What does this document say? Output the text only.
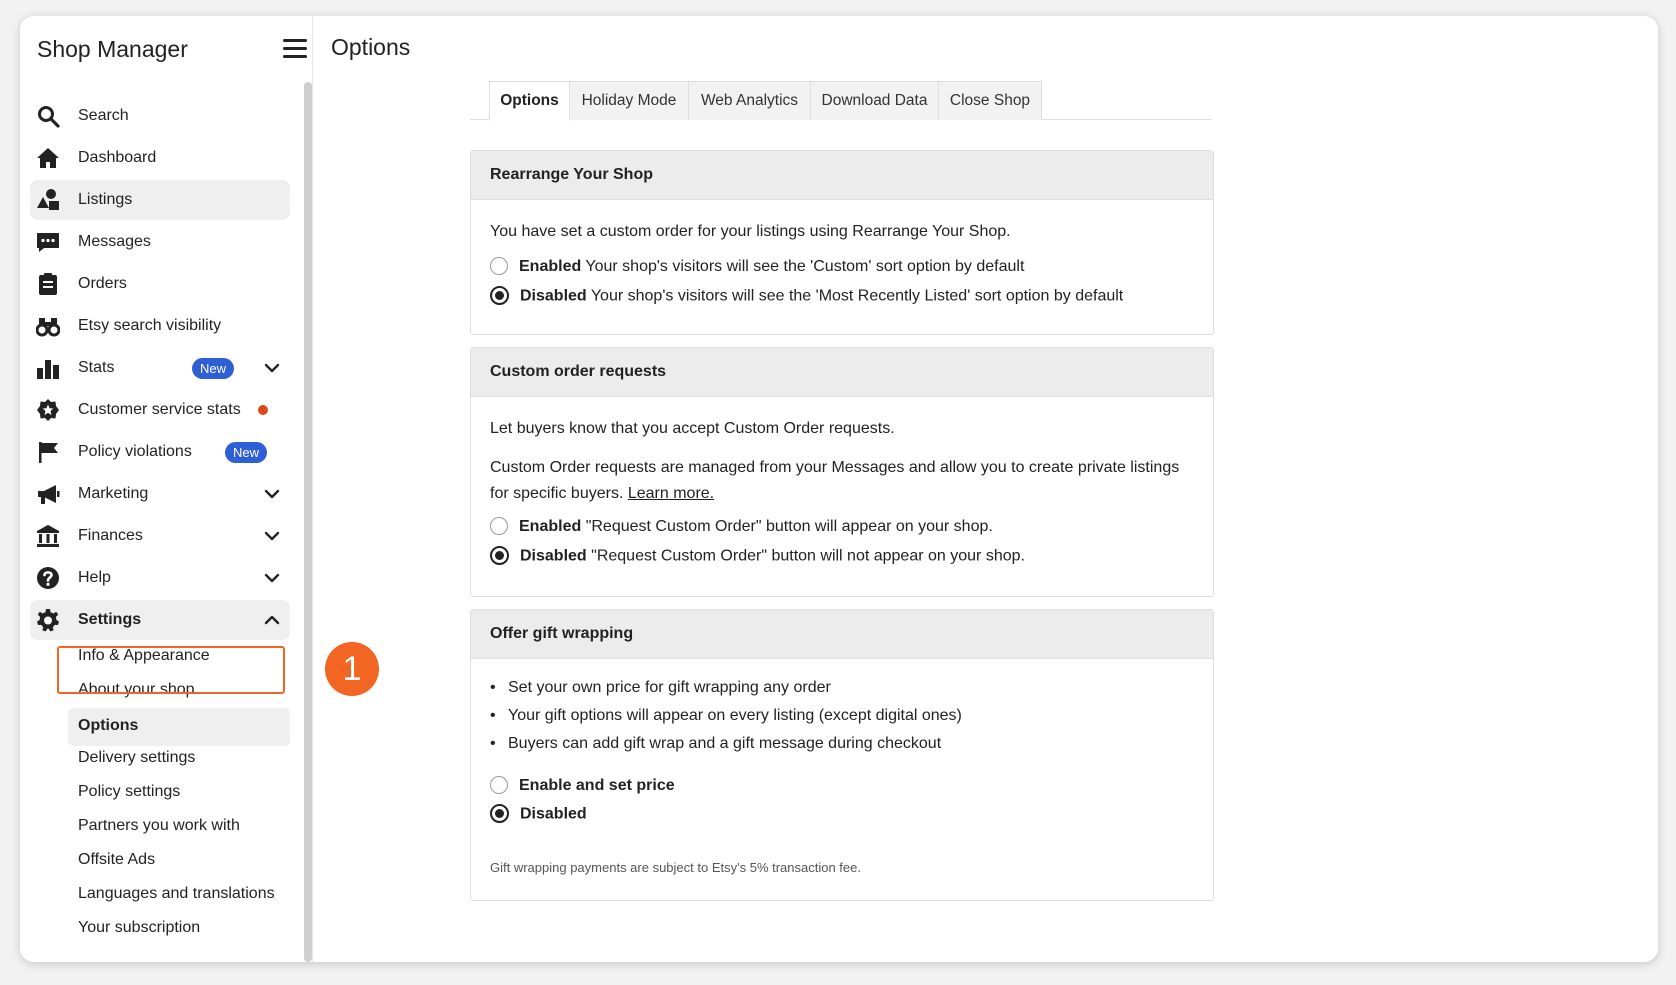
Shop Manager
Search
Dashboard
Listings
Messages
Orders
Etsy search visibility
Stats	New
Customer service stats
Policy violations	New
Marketing
Finances
Help
Settings
Info & Appearance
About your shop
Options
Delivery settings
Policy settings
Partners you work with
Offsite Ads
Languages and translations
Your subscription
1
Options
Options	Holiday Mode	Web Analytics	Download Data	Close Shop
Rearrange Your Shop
You have set a custom order for your listings using Rearrange Your Shop.
Enabled Your shop's visitors will see the 'Custom' sort option by default
Disabled Your shop's visitors will see the 'Most Recently Listed' sort option by default
Custom order requests
Let buyers know that you accept Custom Order requests.
Custom Order requests are managed from your Messages and allow you to create private listings for specific buyers. Learn more.
Enabled "Request Custom Order" button will appear on your shop.
Disabled "Request Custom Order" button will not appear on your shop.
Offer gift wrapping
• Set your own price for gift wrapping any order
• Your gift options will appear on every listing (except digital ones)
• Buyers can add gift wrap and a gift message during checkout
Enable and set price
Disabled
Gift wrapping payments are subject to Etsy's 5% transaction fee.
